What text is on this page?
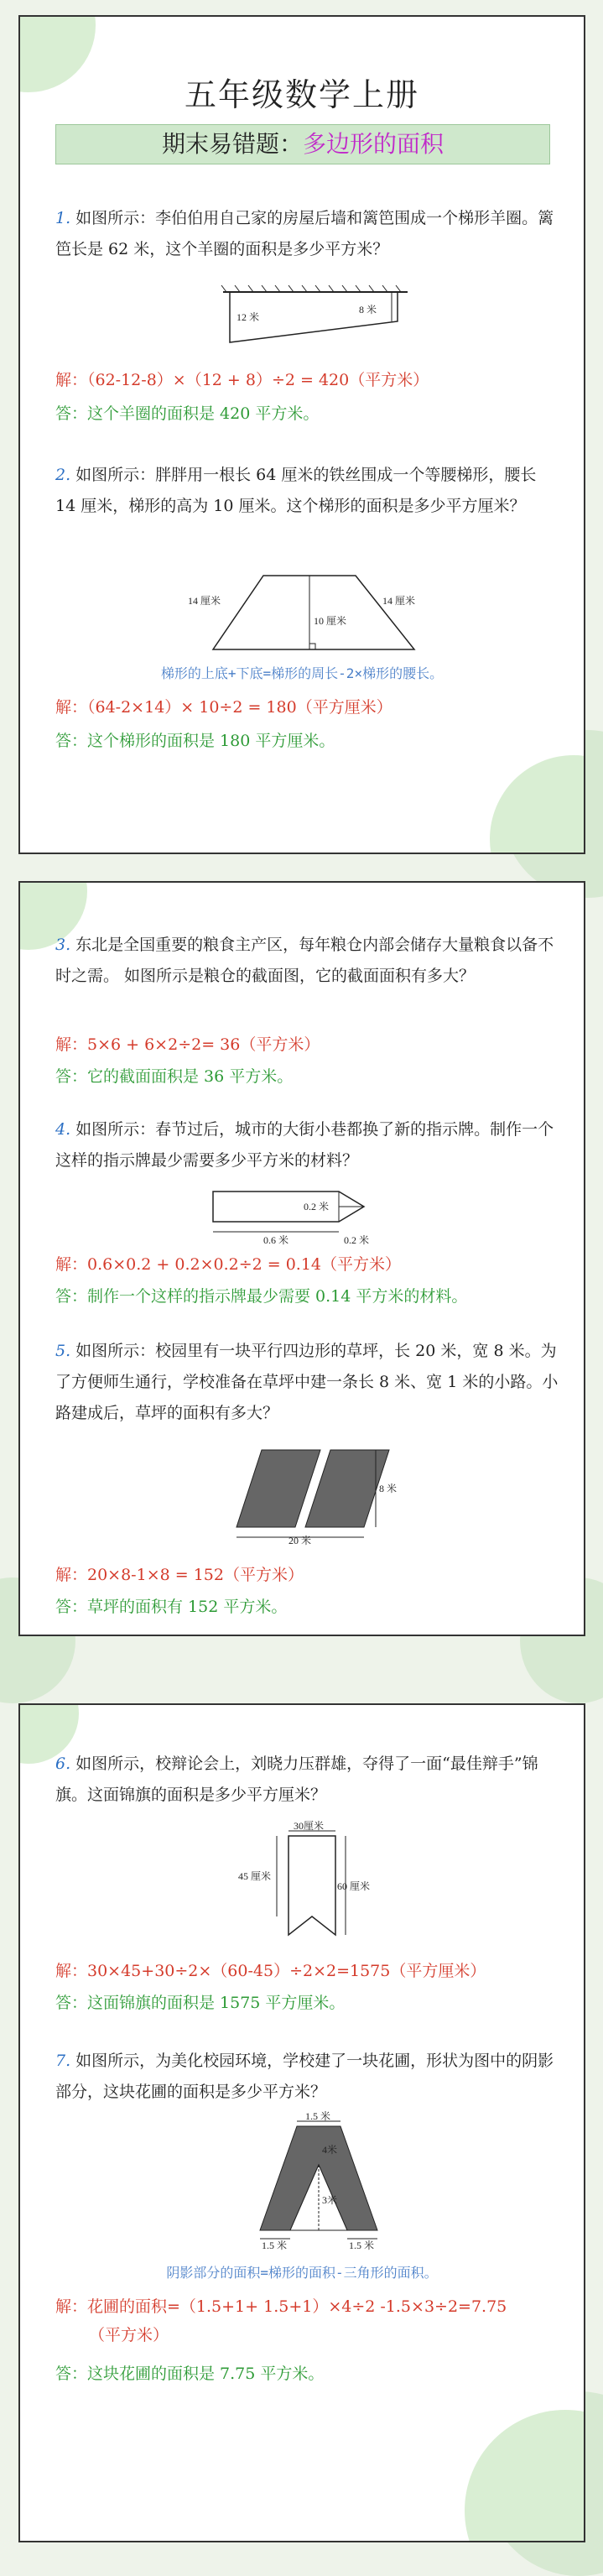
五年级数学上册
期末易错题：多边形的面积
1. 如图所示：李伯伯用自己家的房屋后墙和篱笆围成一个梯形羊圈。篱笆长是 62 米，这个羊圈的面积是多少平方米？
12 米
8 米
解：（62-12-8）×（12 + 8）÷2 = 420（平方米）
答：这个羊圈的面积是 420 平方米。
2. 如图所示：胖胖用一根长 64 厘米的铁丝围成一个等腰梯形，腰长 14 厘米，梯形的高为 10 厘米。这个梯形的面积是多少平方厘米？
14 厘米
10 厘米
14 厘米
梯形的上底+下底=梯形的周长-2×梯形的腰长。
解：（64-2×14）× 10÷2 = 180（平方厘米）
答：这个梯形的面积是 180 平方厘米。
3. 东北是全国重要的粮食主产区，每年粮仓内部会储存大量粮食以备不时之需。 如图所示是粮仓的截面图，它的截面面积有多大？
解：5×6 + 6×2÷2= 36（平方米）
答：它的截面面积是 36 平方米。
4. 如图所示：春节过后，城市的大街小巷都换了新的指示牌。制作一个这样的指示牌最少需要多少平方米的材料？
0.2 米
0.2 米
0.6 米
解：0.6×0.2 + 0.2×0.2÷2 = 0.14（平方米）
答：制作一个这样的指示牌最少需要 0.14 平方米的材料。
5. 如图所示：校园里有一块平行四边形的草坪，长 20 米，宽 8 米。为了方便师生通行，学校准备在草坪中建一条长 8 米、宽 1 米的小路。小路建成后，草坪的面积有多大？
8 米
20 米
解：20×8-1×8 = 152（平方米）
答：草坪的面积有 152 平方米。
6. 如图所示，校辩论会上，刘晓力压群雄，夺得了一面“最佳辩手”锦旗。这面锦旗的面积是多少平方厘米？
30厘米
45 厘米
60 厘米
解：30×45+30÷2×（60-45）÷2×2=1575（平方厘米）
答：这面锦旗的面积是 1575 平方厘米。
7. 如图所示，为美化校园环境，学校建了一块花圃，形状为图中的阴影部分，这块花圃的面积是多少平方米？
1.5 米
4米
3米
1.5 米	1.5 米
阴影部分的面积=梯形的面积-三角形的面积。
解：花圃的面积=（1.5+1+ 1.5+1）×4÷2 -1.5×3÷2=7.75
（平方米）
答：这块花圃的面积是 7.75 平方米。
